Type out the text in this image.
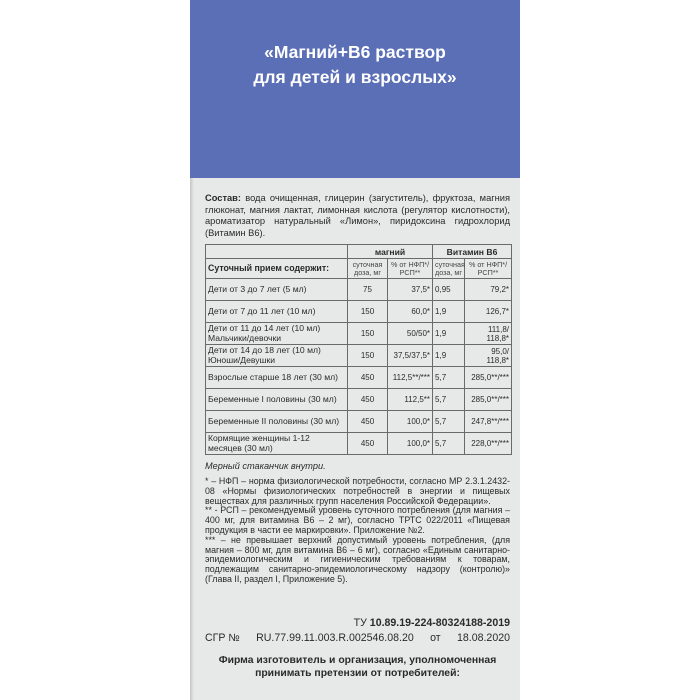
«Магний+В6 раствор
для детей и взрослых»

Состав: вода очищенная, глицерин (загуститель), фруктоза, магния глюконат, магния лактат, лимонная кислота (регулятор кислотности), ароматизатор натуральный «Лимон», пиридоксина гидрохлорид (Витамин В6).

	магний		Витамин В6	
Суточный прием содержит:	суточная доза, мг	% от НФП*/ РСП**	суточная доза, мг	% от НФП*/ РСП**
Дети от 3 до 7 лет (5 мл)	75	37,5*	0,95	79,2*
Дети от 7 до 11 лет (10 мл)	150	60,0*	1,9	126,7*
Дети от 11 до 14 лет (10 мл) Мальчики/девочки	150	50/50*	1,9	111,8/ 118,8*
Дети от 14 до 18 лет (10 мл) Юноши/Девушки	150	37,5/37,5*	1,9	95,0/ 118,8*
Взрослые старше 18 лет (30 мл)	450	112,5**/***	5,7	285,0**/***
Беременные I половины (30 мл)	450	112,5**	5,7	285,0**/***
Беременные II половины (30 мл)	450	100,0*	5,7	247,8**/***
Кормящие женщины 1-12 месяцев (30 мл)	450	100,0*	5,7	228,0**/***
Мерный стаканчик внутри.

* – НФП – норма физиологической потребности, согласно МР 2.3.1.2432-08 «Нормы физиологических потребностей в энергии и пищевых веществах для различных групп населения Российской Федерации».

** - РСП – рекомендуемый уровень суточного потребления (для магния – 400 мг, для витамина В6 – 2 мг), согласно ТРТС 022/2011 «Пищевая продукция в части ее маркировки». Приложение №2.

*** – не превышает верхний допустимый уровень потребления, (для магния – 800 мг, для витамина В6 – 6 мг), согласно «Единым санитарно-эпидемиологическим и гигиеническим требованиям к товарам, подлежащим санитарно-эпидемиологическому надзору (контролю)» (Глава II, раздел I, Приложение 5).

ТУ 10.89.19-224-80324188-2019

СГР № RU.77.99.11.003.R.002546.08.20 от 18.08.2020
Фирма изготовитель и организация, уполномоченная
принимать претензии от потребителей:
